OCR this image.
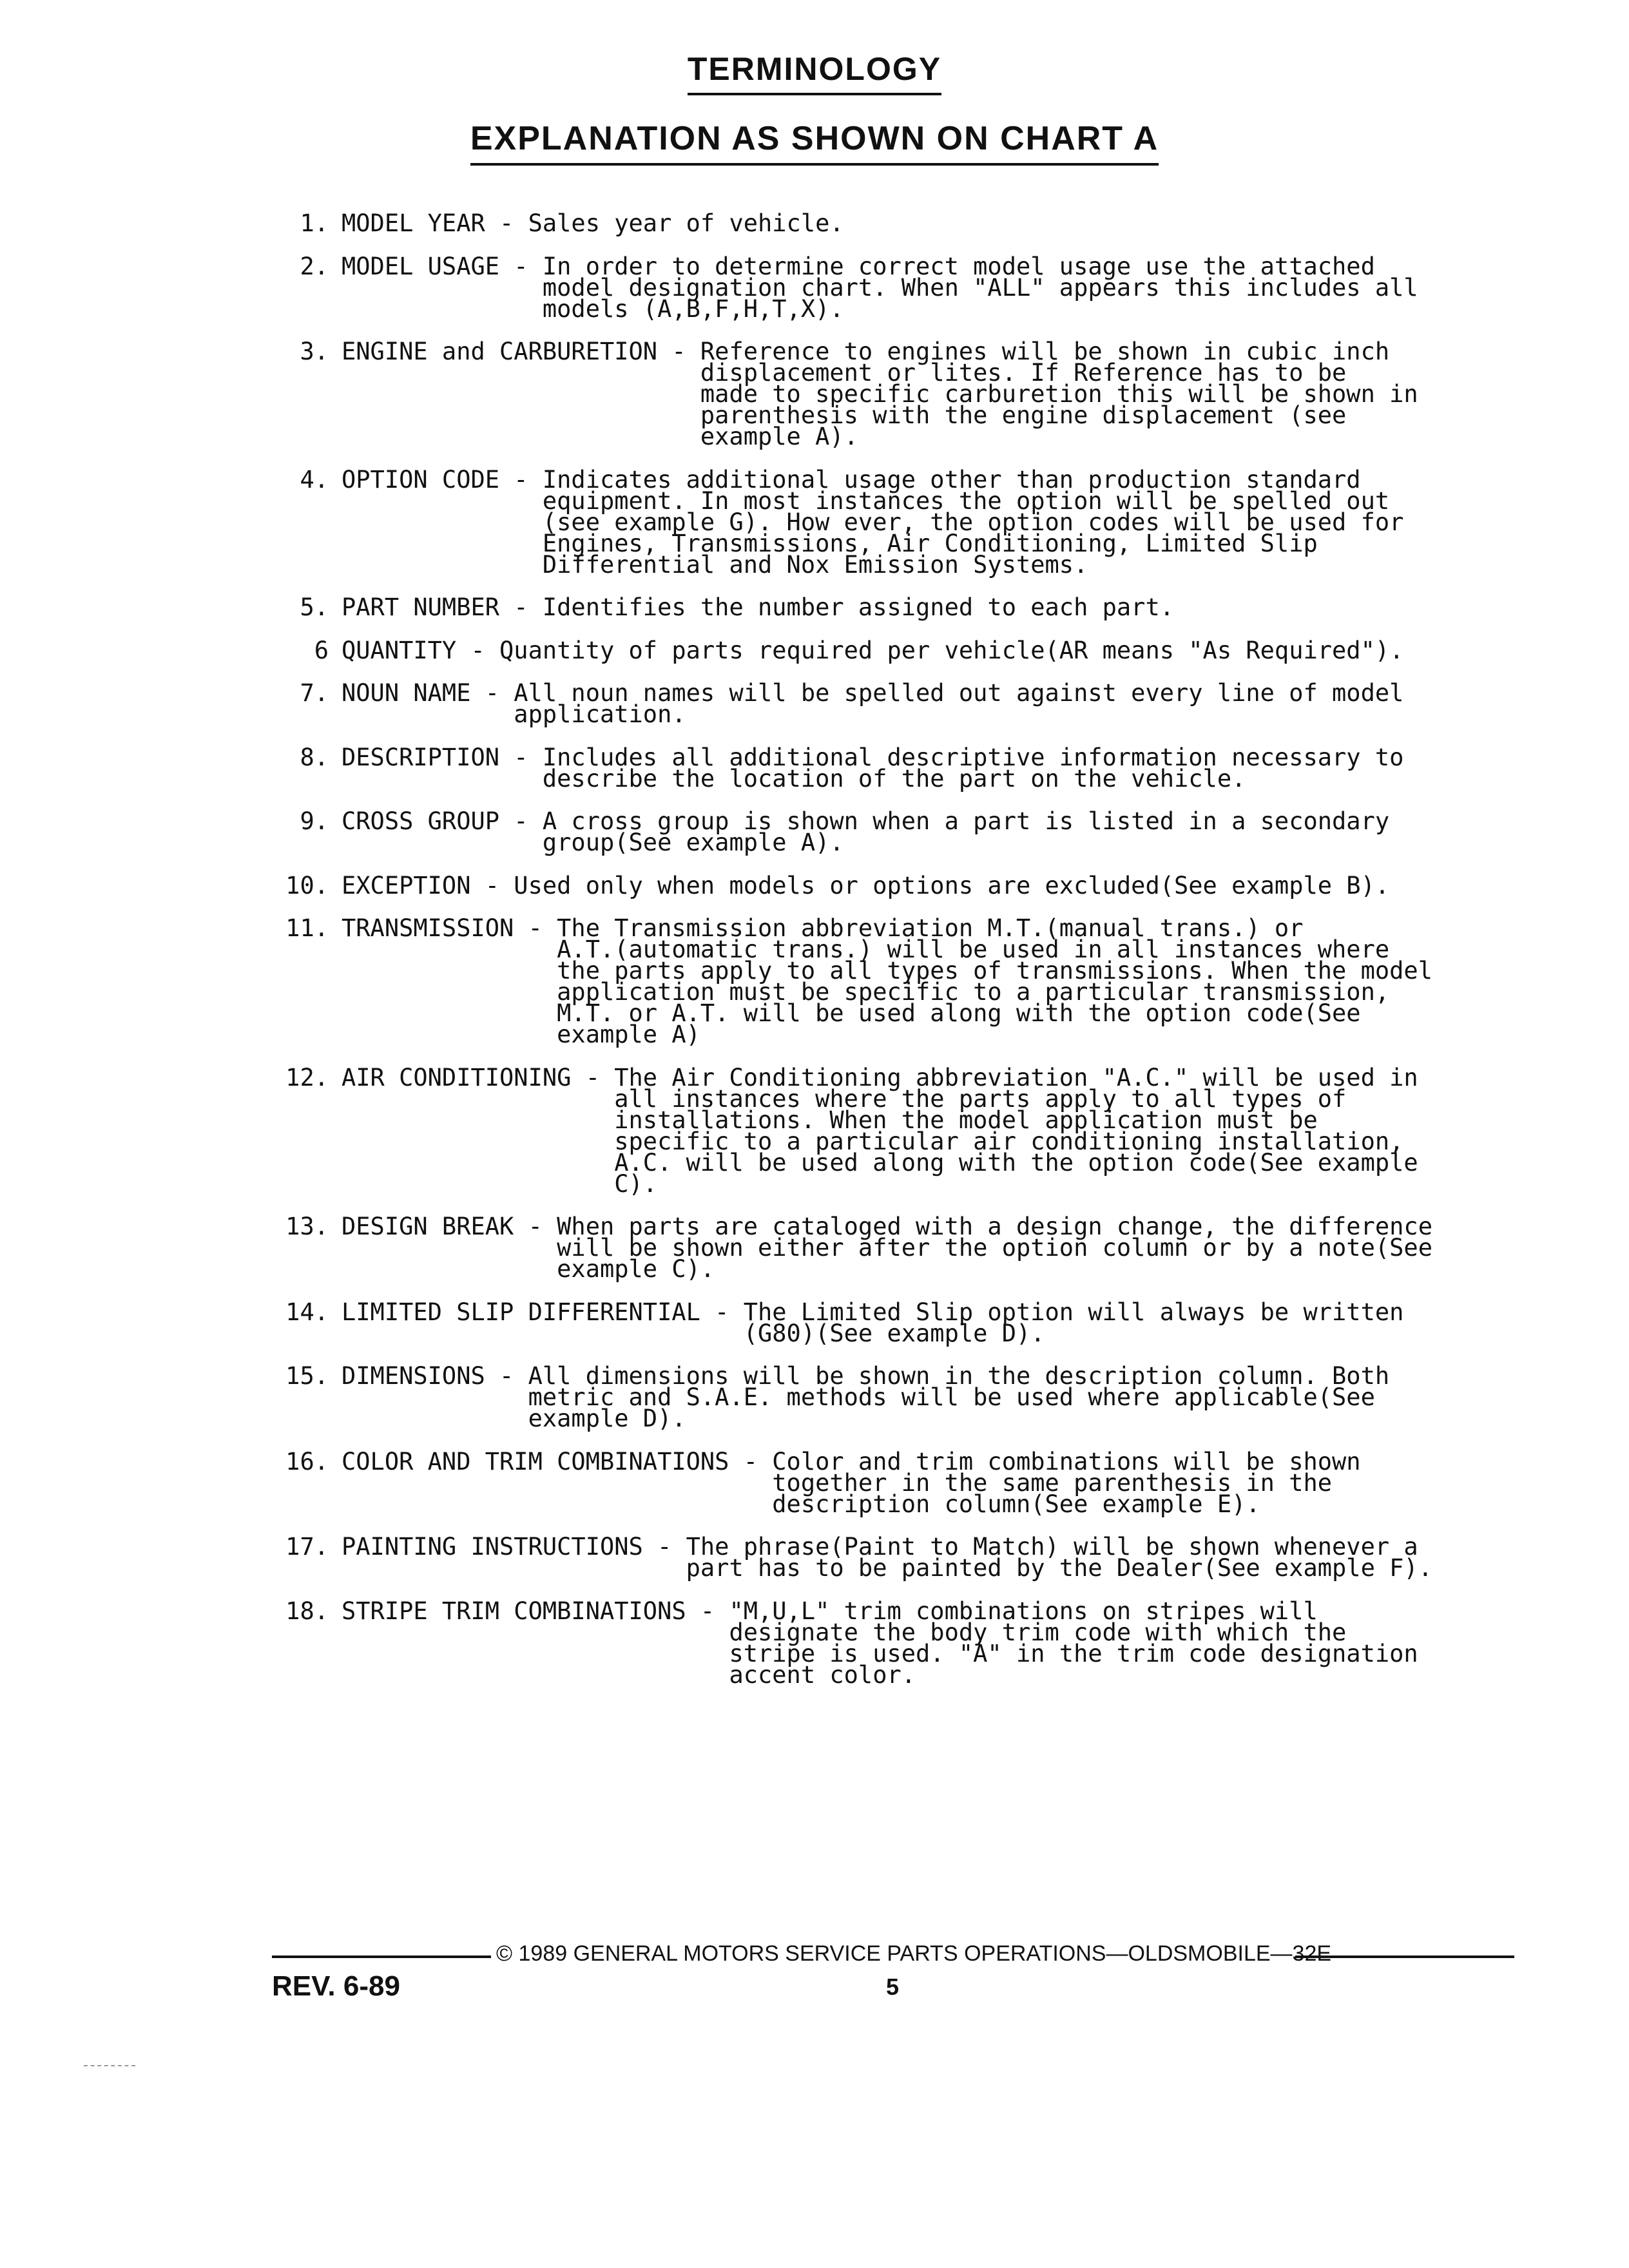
TERMINOLOGY
EXPLANATION AS SHOWN ON CHART A
1. MODEL YEAR - Sales year of vehicle.
2. MODEL USAGE - In order to determine correct model usage use the attached
model designation chart. When "ALL" appears this includes all
models (A,B,F,H,T,X).
3. ENGINE and CARBURETION - Reference to engines will be shown in cubic inch
displacement or lites. If Reference has to be
made to specific carburetion this will be shown in
parenthesis with the engine displacement (see
example A).
4. OPTION CODE - Indicates additional usage other than production standard
equipment. In most instances the option will be spelled out
(see example G). How ever, the option codes will be used for
Engines, Transmissions, Air Conditioning, Limited Slip
Differential and Nox Emission Systems.
5. PART NUMBER - Identifies the number assigned to each part.
6 QUANTITY - Quantity of parts required per vehicle(AR means "As Required").
7. NOUN NAME - All noun names will be spelled out against every line of model
application.
8. DESCRIPTION - Includes all additional descriptive information necessary to
describe the location of the part on the vehicle.
9. CROSS GROUP - A cross group is shown when a part is listed in a secondary
group(See example A).
10. EXCEPTION - Used only when models or options are excluded(See example B).
11. TRANSMISSION - The Transmission abbreviation M.T.(manual trans.) or
A.T.(automatic trans.) will be used in all instances where
the parts apply to all types of transmissions. When the model
application must be specific to a particular transmission,
M.T. or A.T. will be used along with the option code(See
example A)
12. AIR CONDITIONING - The Air Conditioning abbreviation "A.C." will be used in
all instances where the parts apply to all types of
installations. When the model application must be
specific to a particular air conditioning installation,
A.C. will be used along with the option code(See example
C).
13. DESIGN BREAK - When parts are cataloged with a design change, the difference
will be shown either after the option column or by a note(See
example C).
14. LIMITED SLIP DIFFERENTIAL - The Limited Slip option will always be written
(G80)(See example D).
15. DIMENSIONS - All dimensions will be shown in the description column. Both
metric and S.A.E. methods will be used where applicable(See
example D).
16. COLOR AND TRIM COMBINATIONS - Color and trim combinations will be shown
together in the same parenthesis in the
description column(See example E).
17. PAINTING INSTRUCTIONS - The phrase(Paint to Match) will be shown whenever a
part has to be painted by the Dealer(See example F).
18. STRIPE TRIM COMBINATIONS - "M,U,L" trim combinations on stripes will
designate the body trim code with which the
stripe is used. "A" in the trim code designation
accent color.
© 1989 GENERAL MOTORS SERVICE PARTS OPERATIONS—OLDSMOBILE—32E
REV. 6-89	5
